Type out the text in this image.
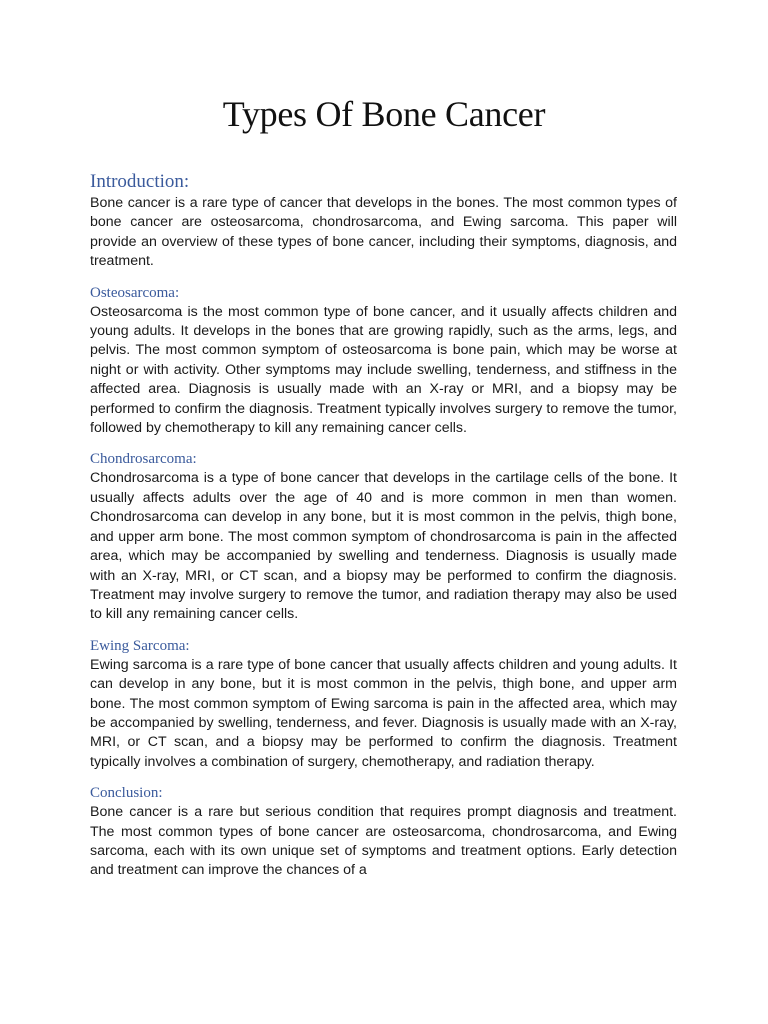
Types Of Bone Cancer
Introduction:

Bone cancer is a rare type of cancer that develops in the bones. The most common types of bone cancer are osteosarcoma, chondrosarcoma, and Ewing sarcoma. This paper will provide an overview of these types of bone cancer, including their symptoms, diagnosis, and treatment.

Osteosarcoma:

Osteosarcoma is the most common type of bone cancer, and it usually affects children and young adults. It develops in the bones that are growing rapidly, such as the arms, legs, and pelvis. The most common symptom of osteosarcoma is bone pain, which may be worse at night or with activity. Other symptoms may include swelling, tenderness, and stiffness in the affected area. Diagnosis is usually made with an X-ray or MRI, and a biopsy may be performed to confirm the diagnosis. Treatment typically involves surgery to remove the tumor, followed by chemotherapy to kill any remaining cancer cells.

Chondrosarcoma:

Chondrosarcoma is a type of bone cancer that develops in the cartilage cells of the bone. It usually affects adults over the age of 40 and is more common in men than women. Chondrosarcoma can develop in any bone, but it is most common in the pelvis, thigh bone, and upper arm bone. The most common symptom of chondrosarcoma is pain in the affected area, which may be accompanied by swelling and tenderness. Diagnosis is usually made with an X-ray, MRI, or CT scan, and a biopsy may be performed to confirm the diagnosis. Treatment may involve surgery to remove the tumor, and radiation therapy may also be used to kill any remaining cancer cells.

Ewing Sarcoma:

Ewing sarcoma is a rare type of bone cancer that usually affects children and young adults. It can develop in any bone, but it is most common in the pelvis, thigh bone, and upper arm bone. The most common symptom of Ewing sarcoma is pain in the affected area, which may be accompanied by swelling, tenderness, and fever. Diagnosis is usually made with an X-ray, MRI, or CT scan, and a biopsy may be performed to confirm the diagnosis. Treatment typically involves a combination of surgery, chemotherapy, and radiation therapy.

Conclusion:

Bone cancer is a rare but serious condition that requires prompt diagnosis and treatment. The most common types of bone cancer are osteosarcoma, chondrosarcoma, and Ewing sarcoma, each with its own unique set of symptoms and treatment options. Early detection and treatment can improve the chances of a
